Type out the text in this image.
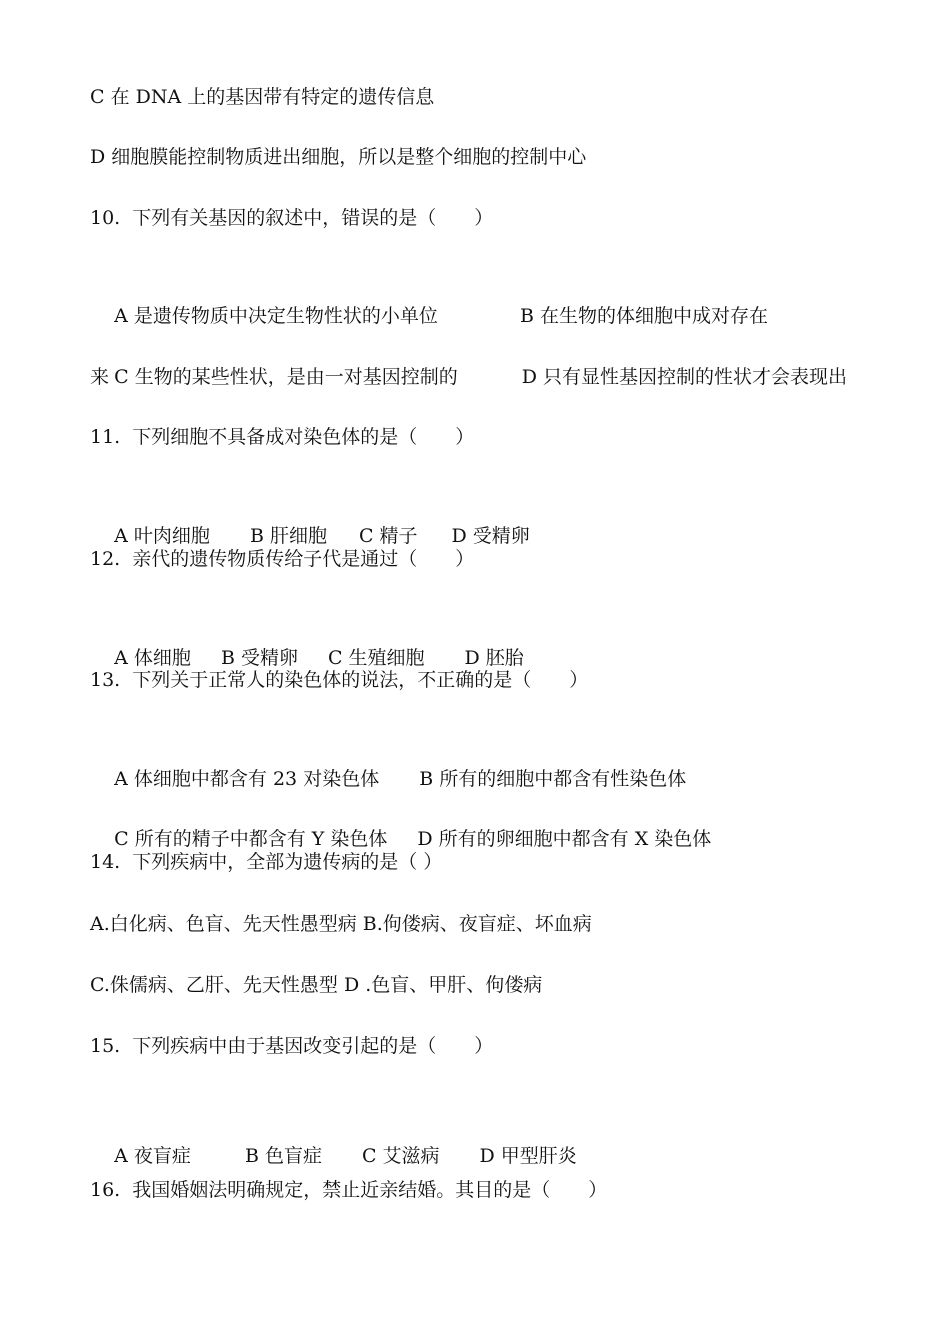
C 在 DNA 上的基因带有特定的遗传信息
D 细胞膜能控制物质进出细胞，所以是整个细胞的控制中心
10.  下列有关基因的叙述中，错误的是（　　）

A 是遗传物质中决定生物性状的小单位	B 在生物的体细胞中成对存在

C 生物的某些性状，是由一对基因控制的	D 只有显性基因控制的性状才会表现出

来
11.  下列细胞不具备成对染色体的是（　　）

A 叶肉细胞 B 肝细胞 C 精子 D 受精卵

12.  亲代的遗传物质传给子代是通过（　　）

A 体细胞 B 受精卵 C 生殖细胞 D 胚胎

13.  下列关于正常人的染色体的说法，不正确的是（　　）

A 体细胞中都含有 23 对染色体 B 所有的细胞中都含有性染色体

C 所有的精子中都含有 Y 染色体 D 所有的卵细胞中都含有 X 染色体

14.  下列疾病中，全部为遗传病的是（ ）
A.白化病、色盲、先天性愚型病 B.佝偻病、夜盲症、坏血病
C.侏儒病、乙肝、先天性愚型 D .色盲、甲肝、佝偻病
15.  下列疾病中由于基因改变引起的是（　　）

A 夜盲症	B 色盲症 C 艾滋病 D 甲型肝炎

16.  我国婚姻法明确规定，禁止近亲结婚。其目的是（　　）
